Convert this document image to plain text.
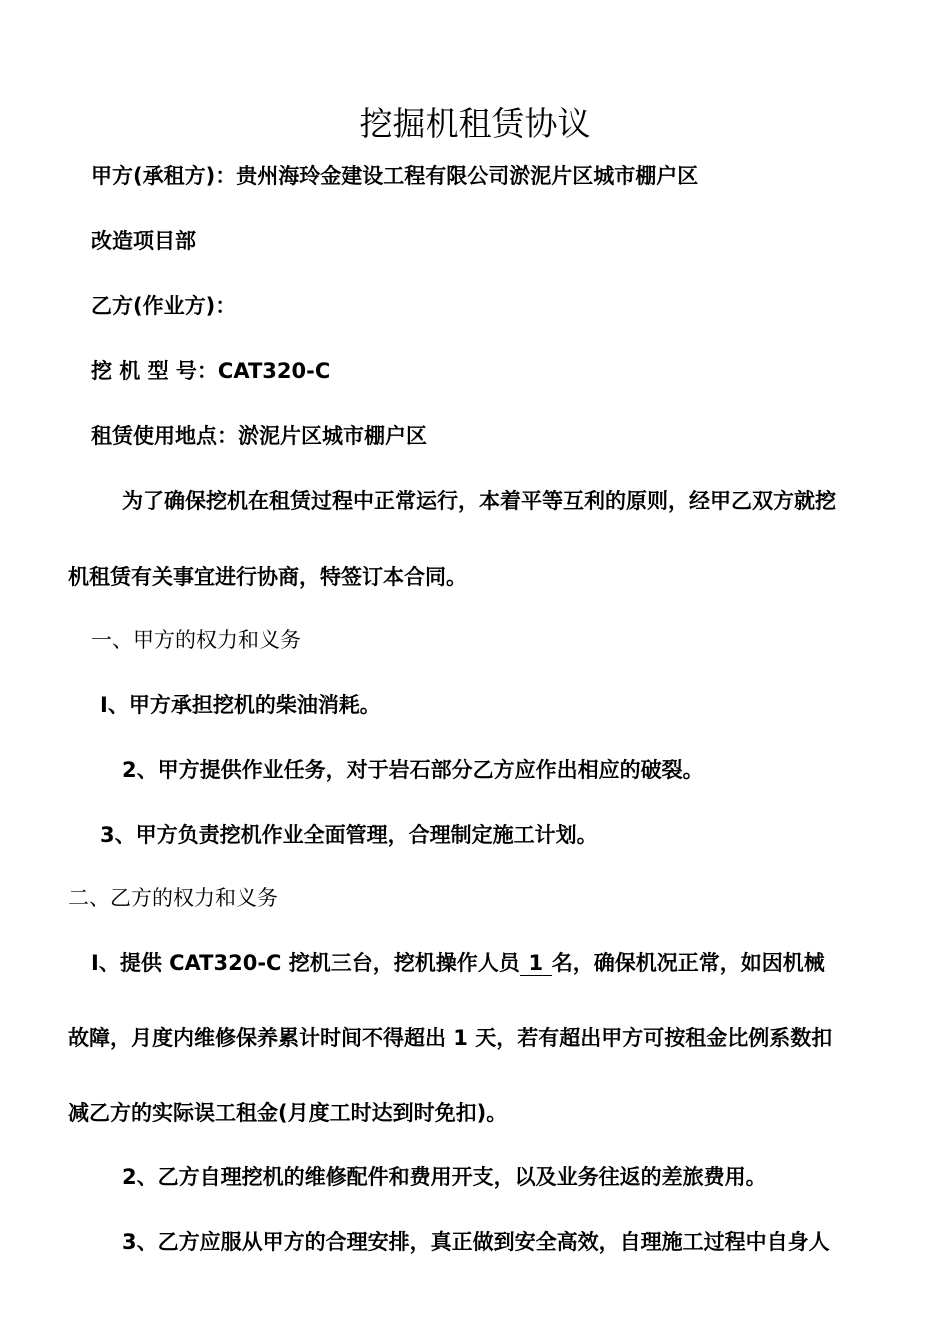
挖掘机租赁协议
甲方(承租方)：贵州海玲金建设工程有限公司淤泥片区城市棚户区
改造项目部
乙方(作业方)：
挖 机 型 号：CAT320-C
租赁使用地点：淤泥片区城市棚户区
为了确保挖机在租赁过程中正常运行，本着平等互利的原则，经甲乙双方就挖
机租赁有关事宜进行协商，特签订本合同。
一、甲方的权力和义务
I、甲方承担挖机的柴油消耗。
2、甲方提供作业任务，对于岩石部分乙方应作出相应的破裂。
3、甲方负责挖机作业全面管理，合理制定施工计划。
二、乙方的权力和义务
I、提供 CAT320-C 挖机三台，挖机操作人员 1 名，确保机况正常，如因机械
故障，月度内维修保养累计时间不得超出 1 天，若有超出甲方可按租金比例系数扣
减乙方的实际误工租金(月度工时达到时免扣)。
2、乙方自理挖机的维修配件和费用开支，以及业务往返的差旅费用。
3、乙方应服从甲方的合理安排，真正做到安全高效，自理施工过程中自身人
